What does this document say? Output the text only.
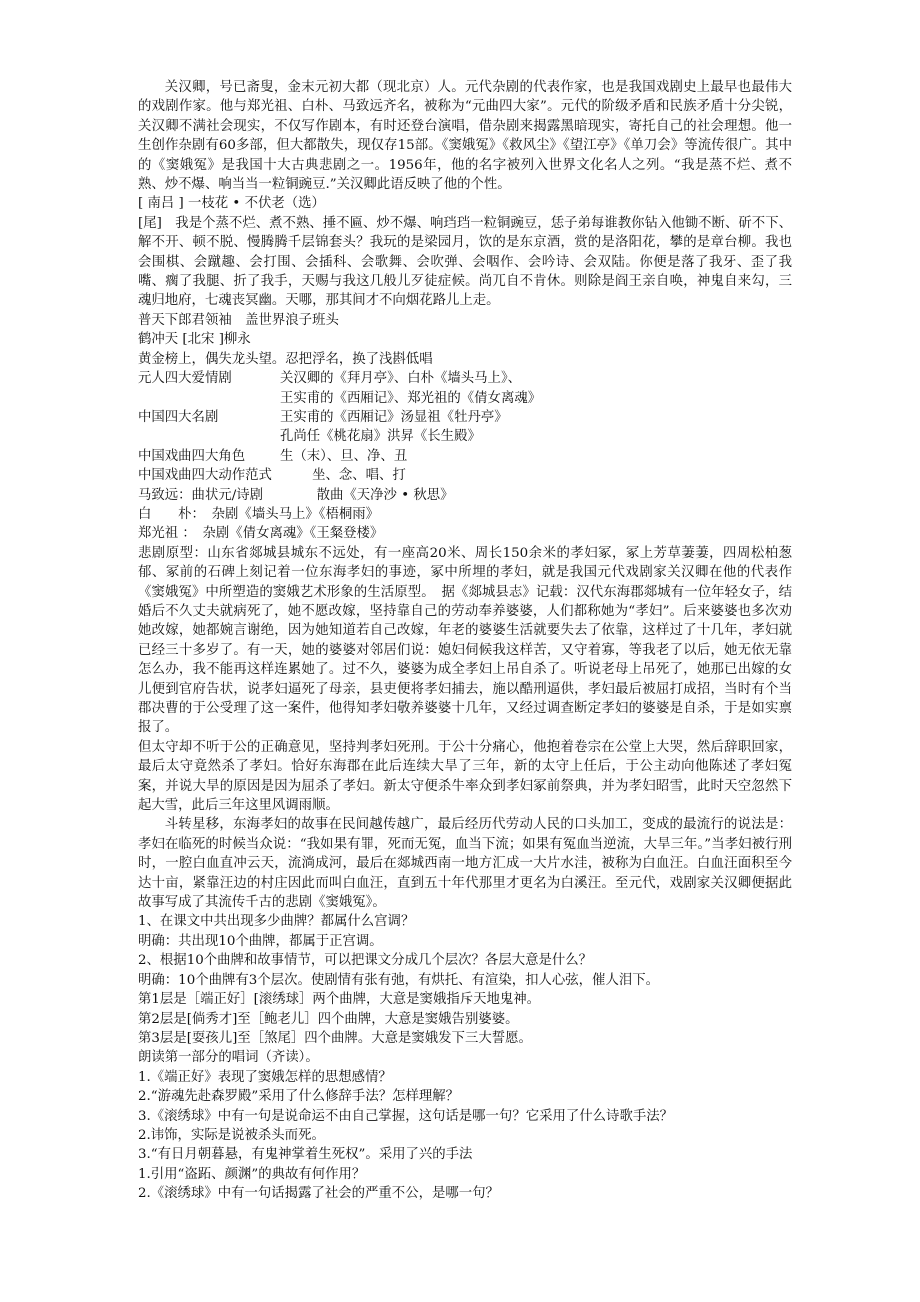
关汉卿，号已斋叟，金末元初大都（现北京）人。元代杂剧的代表作家，也是我国戏剧史上最早也最伟大的戏剧作家。他与郑光祖、白朴、马致远齐名，被称为“元曲四大家”。元代的阶级矛盾和民族矛盾十分尖锐，关汉卿不满社会现实，不仅写作剧本，有时还登台演唱，借杂剧来揭露黑暗现实，寄托自己的社会理想。他一生创作杂剧有60多部，但大都散失，现仅存15部。《窦娥冤》《救风尘》《望江亭》《单刀会》等流传很广。其中的《窦娥冤》是我国十大古典悲剧之一。1956年，他的名字被列入世界文化名人之列。“我是蒸不烂、煮不熟、炒不爆、响当当一粒铜豌豆.”关汉卿此语反映了他的个性。

[ 南吕 ] 一枝花 • 不伏老（选）

[尾]　我是个蒸不烂、煮不熟、捶不匾、炒不爆、响珰珰一粒铜豌豆，恁子弟每谁教你钻入他锄不断、斫不下、解不开、顿不脱、慢腾腾千层锦套头？我玩的是梁园月，饮的是东京酒，赏的是洛阳花，攀的是章台柳。我也会围棋、会蹴趣、会打围、会插科、会歌舞、会吹弹、会咽作、会吟诗、会双陆。你便是落了我牙、歪了我嘴、瘸了我腿、折了我手，天赐与我这几般儿歹徒症候。尚兀自不肯休。则除是阎王亲自唤，神鬼自来勾，三魂归地府，七魂丧冥幽。天哪，那其间才不向烟花路儿上走。

普天下郎君领袖　盖世界浪子班头

鹤冲天 [北宋 ]柳永

黄金榜上，偶失龙头望。忍把浮名，换了浅斟低唱

元人四大爱情剧	关汉卿的《拜月亭》、白朴《墙头马上》、
王实甫的《西厢记》、郑光祖的《倩女离魂》
中国四大名剧	王实甫的《西厢记》汤显祖《牡丹亭》
孔尚任《桃花扇》洪昇《长生殿》
中国戏曲四大角色	生（末）、旦、净、丑

中国戏曲四大动作范式　　　坐、念、唱、打

马致远：曲状元/诗剧　　　　散曲《天净沙 • 秋思》

白　　朴：　杂剧《墙头马上》《梧桐雨》

郑光祖 ：　杂剧《倩女离魂》《王粲登楼》

悲剧原型：山东省郯城县城东不远处，有一座高20米、周长150余米的孝妇冢，冢上芳草萋萋，四周松柏葱郁、冢前的石碑上刻记着一位东海孝妇的事迹，冢中所埋的孝妇，就是我国元代戏剧家关汉卿在他的代表作《窦娥冤》中所塑造的窦娥艺术形象的生活原型。　据《郯城县志》记载：汉代东海郡郯城有一位年轻女子，结婚后不久丈夫就病死了，她不愿改嫁，坚持靠自己的劳动奉养婆婆，人们都称她为“孝妇”。后来婆婆也多次劝她改嫁，她都婉言谢绝，因为她知道若自己改嫁，年老的婆婆生活就要失去了依靠，这样过了十几年，孝妇就已经三十多岁了。有一天，她的婆婆对邻居们说：媳妇伺候我这样苦，又守着寡，等我老了以后，她无依无靠怎么办，我不能再这样连累她了。过不久，婆婆为成全孝妇上吊自杀了。听说老母上吊死了，她那已出嫁的女儿便到官府告状，说孝妇逼死了母亲，县吏便将孝妇捕去，施以酷刑逼供，孝妇最后被屈打成招，当时有个当郡决曹的于公受理了这一案件，他得知孝妇敬养婆婆十几年，又经过调查断定孝妇的婆婆是自杀，于是如实禀报了。

但太守却不听于公的正确意见，坚持判孝妇死刑。于公十分痛心，他抱着卷宗在公堂上大哭，然后辞职回家，最后太守竟然杀了孝妇。恰好东海郡在此后连续大旱了三年，新的太守上任后，于公主动向他陈述了孝妇冤案，并说大旱的原因是因为屈杀了孝妇。新太守便杀牛率众到孝妇冢前祭典，并为孝妇昭雪，此时天空忽然下起大雪，此后三年这里风调雨顺。

斗转星移，东海孝妇的故事在民间越传越广，最后经历代劳动人民的口头加工，变成的最流行的说法是：孝妇在临死的时候当众说：“我如果有罪，死而无冤，血当下流；如果有冤血当逆流，大旱三年。”当孝妇被行刑时，一腔白血直冲云天，流淌成河，最后在郯城西南一地方汇成一大片水洼，被称为白血汪。白血汪面积至今达十亩，紧靠汪边的村庄因此而叫白血汪，直到五十年代那里才更名为白溪汪。至元代，戏剧家关汉卿便据此故事写成了其流传千古的悲剧《窦娥冤》。

1、在课文中共出现多少曲牌？都属什么宫调？

明确：共出现10个曲牌，都属于正宫调。

2、根据10个曲牌和故事情节，可以把课文分成几个层次？各层大意是什么？

明确：10个曲牌有3个层次。使剧情有张有弛，有烘托、有渲染，扣人心弦，催人泪下。

第1层是［端正好］[滚绣球］两个曲牌，大意是窦娥指斥天地鬼神。

第2层是[倘秀才]至［鲍老儿］四个曲牌，大意是窦娥告别婆婆。

第3层是[耍孩儿]至［煞尾］四个曲牌。大意是窦娥发下三大誓愿。

朗读第一部分的唱词（齐读）。

1.《端正好》表现了窦娥怎样的思想感情？

2.“游魂先赴森罗殿”采用了什么修辞手法？怎样理解？

3.《滚绣球》中有一句是说命运不由自己掌握，这句话是哪一句？它采用了什么诗歌手法？

2.讳饰，实际是说被杀头而死。

3.“有日月朝暮悬，有鬼神掌着生死权”。采用了兴的手法

1.引用“盗跖、颜渊”的典故有何作用？

2.《滚绣球》中有一句话揭露了社会的严重不公，是哪一句？
